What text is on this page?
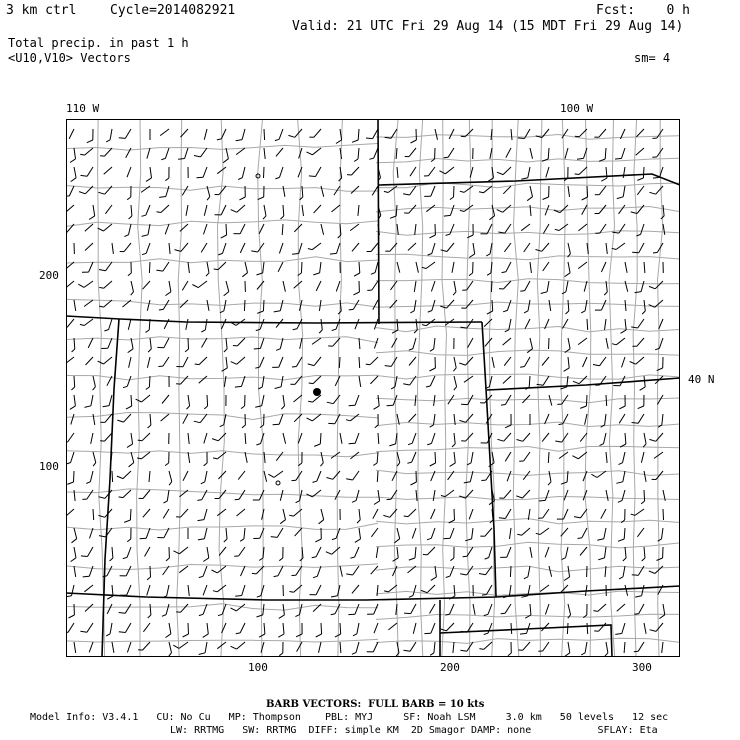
3 km ctrl	Cycle=2014082921	Fcst:    0 h
Valid: 21 UTC Fri 29 Aug 14 (15 MDT Fri 29 Aug 14)
Total precip. in past 1 h
<U10,V10> Vectors	sm= 4
110 W	100 W
40 N
200
100
100	200	300
BARB VECTORS:  FULL BARB = 10 kts
Model Info: V3.4.1   CU: No Cu   MP: Thompson    PBL: MYJ     SF: Noah LSM     3.0 km   50 levels   12 sec
LW: RRTMG   SW: RRTMG  DIFF: simple KM  2D Smagor DAMP: none           SFLAY: Eta
